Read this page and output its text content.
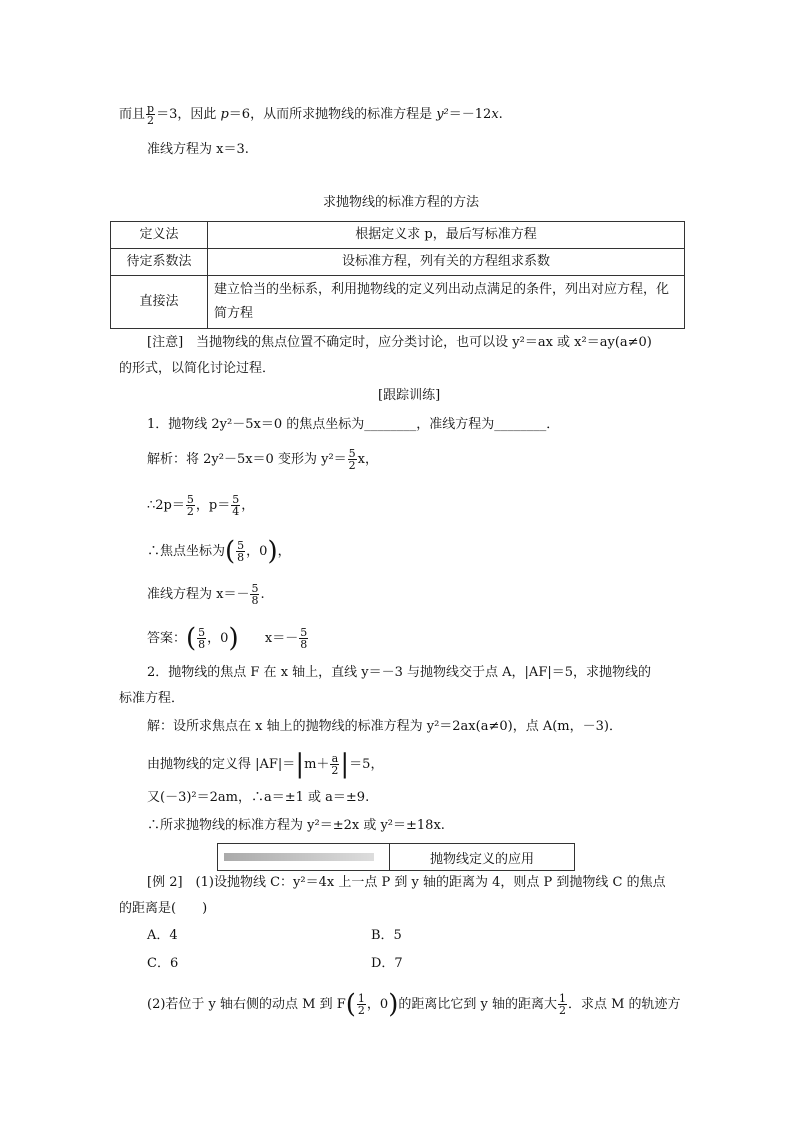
而且 $\frac{p}{2} =3$，因此 p＝6，从而所求抛物线的标准方程是 y²＝－12x.
准线方程为 x＝3.
求抛物线的标准方程的方法
定义法	根据定义求 p，最后写标准方程
待定系数法	设标准方程，列有关的方程组求系数
直接法	建立恰当的坐标系，利用抛物线的定义列出动点满足的条件，列出对应方程，化简方程
[注意]　当抛物线的焦点位置不确定时，应分类讨论，也可以设 y²＝ax 或 x²＝ay(a≠0)
的形式，以简化讨论过程．
[跟踪训练]
1．抛物线 2y²－5x＝0 的焦点坐标为________，准线方程为________．
解析：将 2y²－5x＝0 变形为 $y^2= \frac{5}{2}$ x，
∴2p＝ $\frac{5}{2}$ ，$p= \frac{5}{4}$ ，
∴焦点坐标为( $\frac{5}{8}$ ，0)，
准线方程为 $x=- \frac{5}{8}$ .
答案：( $\frac{5}{8}$ ，0) $x=- \frac{5}{8}$
2．抛物线的焦点 F 在 x 轴上，直线 y＝－3 与抛物线交于点 A，|AF|＝5，求抛物线的
标准方程．
解：设所求焦点在 x 轴上的抛物线的标准方程为 y²＝2ax(a≠0)，点 A(m，－3)．
由抛物线的定义得 $|AF|=|m+ \frac{a}{2} |=5$，
又(－3)²＝2am，∴a＝±1 或 a＝±9.
∴所求抛物线的标准方程为 y²＝±2x 或 y²＝±18x.
抛物线定义的应用
[例 2]　(1)设抛物线 C：y²＝4x 上一点 P 到 y 轴的距离为 4，则点 P 到抛物线 C 的焦点
的距离是(　　)
A．4	B．5
C．6	D．7
(2)若位于 y 轴右侧的动点 M 到 $F( \frac{1}{2}$ ，0)的距离比它到 y 轴的距离大 $\frac{1}{2}$ ．求点 M 的轨迹方
